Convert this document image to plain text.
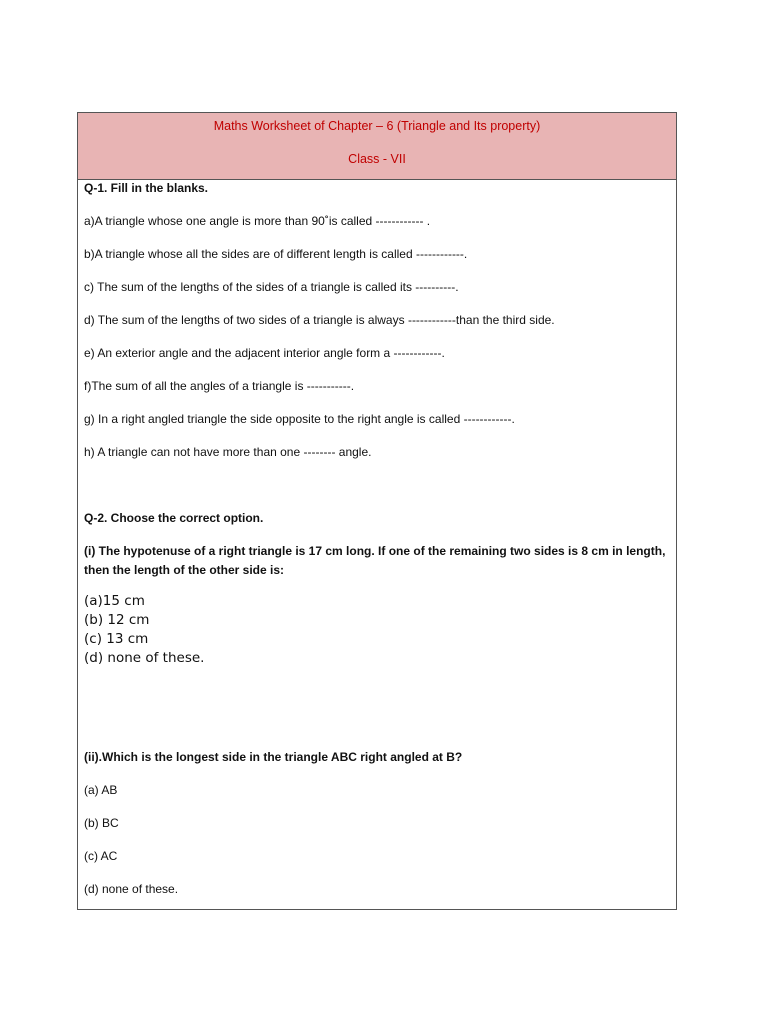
Maths Worksheet of Chapter – 6 (Triangle and Its property)
Class - VII
Q-1. Fill in the blanks.
a)A triangle whose one angle is more than 90˚is called ------------ .
b)A triangle whose all the sides are of different length is called ------------.
c) The sum of the lengths of the sides of a triangle is called its ----------.
d) The sum of the lengths of two sides of a triangle is always ------------than the third side.
e) An exterior angle and the adjacent interior angle form a ------------.
f)The sum of all the angles of a triangle is -----------.
g) In a right angled triangle the side opposite to the right angle is called ------------.
h) A triangle can not have more than one -------- angle.
Q-2. Choose the correct option.
(i) The hypotenuse of a right triangle is 17 cm long. If one of the remaining two sides is 8 cm in length,
then the length of the other side is:
(a)15 cm
(b) 12 cm
(c) 13 cm
(d) none of these.
(ii).Which is the longest side in the triangle ABC right angled at B?
(a) AB
(b) BC
(c) AC
(d) none of these.
